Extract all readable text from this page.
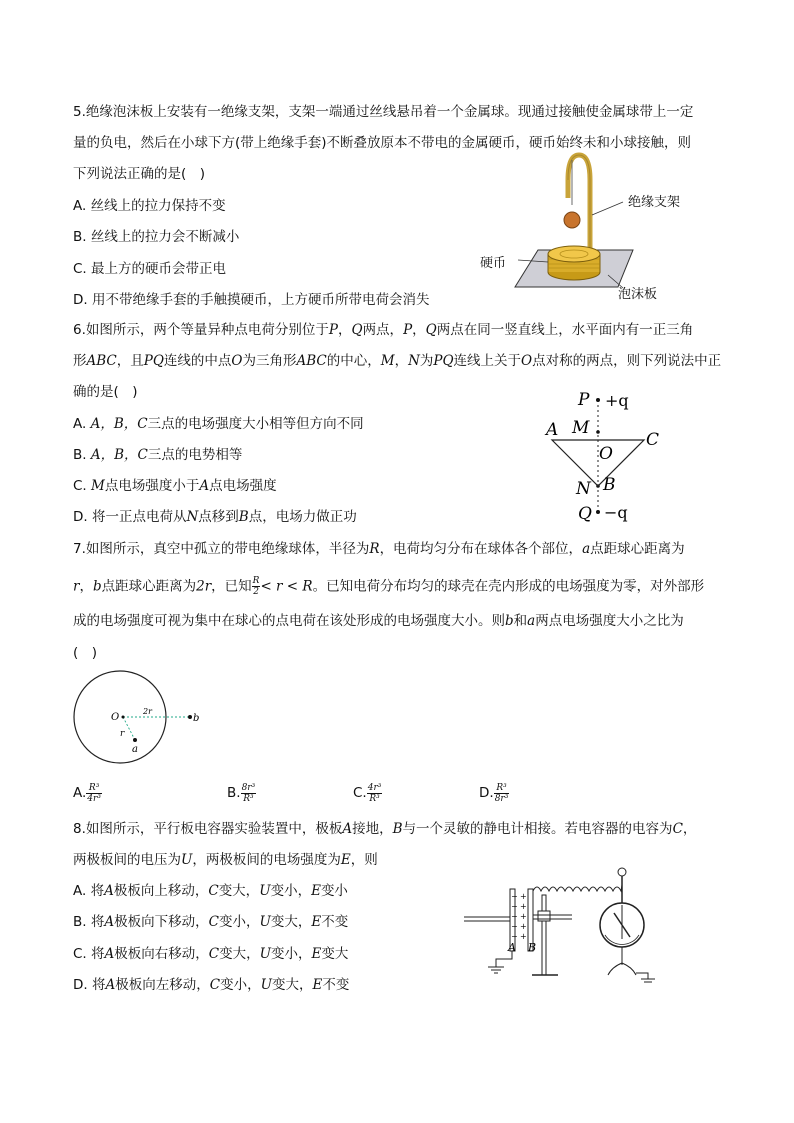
5.绝缘泡沫板上安装有一绝缘支架，支架一端通过丝线悬吊着一个金属球。现通过接触使金属球带上一定
量的负电，然后在小球下方(带上绝缘手套)不断叠放原本不带电的金属硬币，硬币始终未和小球接触，则
下列说法正确的是(　)
A. 丝线上的拉力保持不变
B. 丝线上的拉力会不断减小
C. 最上方的硬币会带正电
D. 用不带绝缘手套的手触摸硬币，上方硬币所带电荷会消失
绝缘支架
硬币
泡沫板
6.如图所示，两个等量异种点电荷分别位于P，Q两点，P，Q两点在同一竖直线上，水平面内有一正三角
形ABC，且PQ连线的中点O为三角形ABC的中心，M，N为PQ连线上关于O点对称的两点，则下列说法中正
确的是(　)
A. A，B，C三点的电场强度大小相等但方向不同
B. A，B，C三点的电势相等
C. M点电场强度小于A点电场强度
D. 将一正点电荷从N点移到B点，电场力做正功
P +q
A M
C
O
N B
Q −q
7.如图所示，真空中孤立的带电绝缘球体，半径为R，电荷均匀分布在球体各个部位，a点距球心距离为
r，b点距球心距离为2r，已知 $\frac{R}{2} < r < R$。已知电荷分布均匀的球壳在壳内形成的电场强度为零，对外部形
成的电场强度可视为集中在球心的点电荷在该处形成的电场强度大小。则b和a两点电场强度大小之比为
(　)
O
2r
b
r
a
A. $\frac{\text{R³}}{\text{4r³}}$	B. $\frac{\text{8r³}}{\text{R³}}$	C. $\frac{\text{4r³}}{\text{R³}}$	D. $\frac{\text{R³}}{\text{8r³}}$
8.如图所示，平行板电容器实验装置中，极板A接地，B与一个灵敏的静电计相接。若电容器的电容为C，
两极板间的电压为U，两极板间的电场强度为E，则
A. 将A极板向上移动，C变大，U变小，E变小
B. 将A极板向下移动，C变小，U变大，E不变
C. 将A极板向右移动，C变大，U变小，E变大
D. 将A极板向左移动，C变小，U变大，E不变
−
−
−
−
−
+
+
+
+
+
A B
